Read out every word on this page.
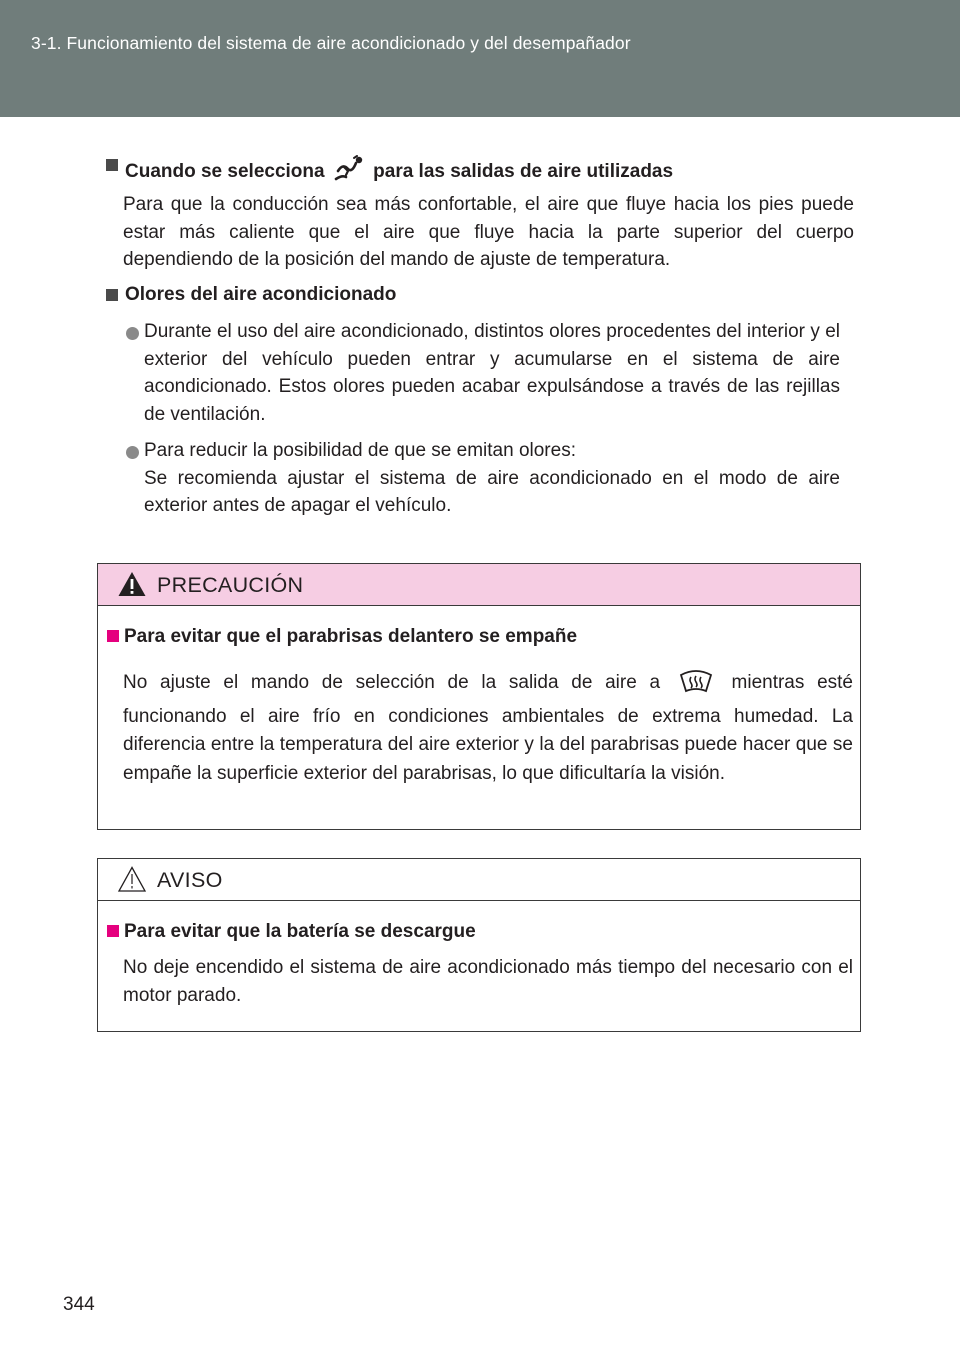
3-1. Funcionamiento del sistema de aire acondicionado y del desempañador
Cuando se selecciona	para las salidas de aire utilizadas
Para que la conducción sea más confortable, el aire que fluye hacia los pies puede estar más caliente que el aire que fluye hacia la parte superior del cuerpo dependiendo de la posición del mando de ajuste de temperatura.
Olores del aire acondicionado
Durante el uso del aire acondicionado, distintos olores procedentes del interior y el exterior del vehículo pueden entrar y acumularse en el sistema de aire acondicionado. Estos olores pueden acabar expulsándose a través de las rejillas de ventilación.
Para reducir la posibilidad de que se emitan olores:
Se recomienda ajustar el sistema de aire acondicionado en el modo de aire exterior antes de apagar el vehículo.
PRECAUCIÓN
Para evitar que el parabrisas delantero se empañe
No ajuste el mando de selección de la salida de aire a	mientras esté funcionando el aire frío en condiciones ambientales de extrema humedad. La diferencia entre la temperatura del aire exterior y la del parabrisas puede hacer que se empañe la superficie exterior del parabrisas, lo que dificultaría la visión.
AVISO
Para evitar que la batería se descargue
No deje encendido el sistema de aire acondicionado más tiempo del necesario con el motor parado.
344
